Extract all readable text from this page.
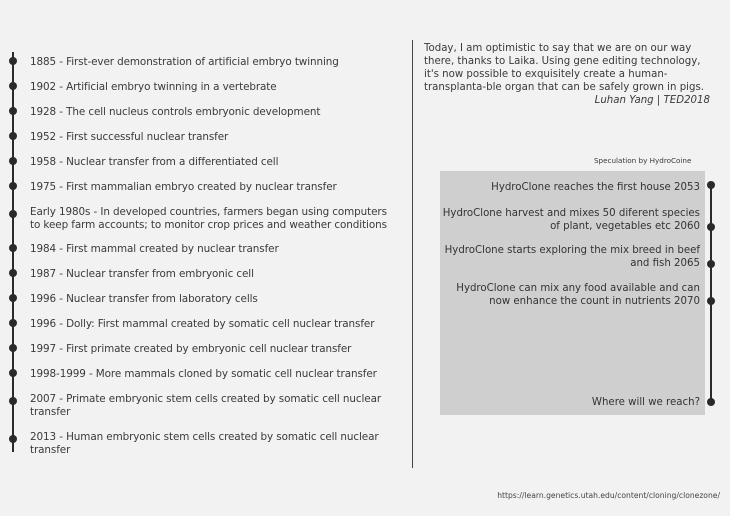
1885 - First-ever demonstration of artificial embryo twinning
1902 - Artificial embryo twinning in a vertebrate
1928 - The cell nucleus controls embryonic development
1952 - First successful nuclear transfer
1958 - Nuclear transfer from a differentiated cell
1975 - First mammalian embryo created by nuclear transfer
Early 1980s - In developed countries, farmers began using computers to keep farm accounts; to monitor crop prices and weather conditions
1984 - First mammal created by nuclear transfer
1987 - Nuclear transfer from embryonic cell
1996 - Nuclear transfer from laboratory cells
1996 - Dolly: First mammal created by somatic cell nuclear transfer
1997 - First primate created by embryonic cell nuclear transfer
1998-1999 - More mammals cloned by somatic cell nuclear transfer
2007 - Primate embryonic stem cells created by somatic cell nuclear transfer
2013 - Human embryonic stem cells created by somatic cell nuclear transfer

Today, I am optimistic to say that we are on our way there, thanks to Laika. Using gene editing technology, it's now possible to exquisitely create a human-transplanta-ble organ that can be safely grown in pigs.

Luhan Yang | TED2018

Speculation by HydroCoine
HydroClone reaches the first house 2053
HydroClone harvest and mixes 50 diferent species of plant, vegetables etc 2060
HydroClone starts exploring the mix breed in beef and fish 2065
HydroClone can mix any food available and can now enhance the count in nutrients 2070
Where will we reach?
https://learn.genetics.utah.edu/content/cloning/clonezone/
